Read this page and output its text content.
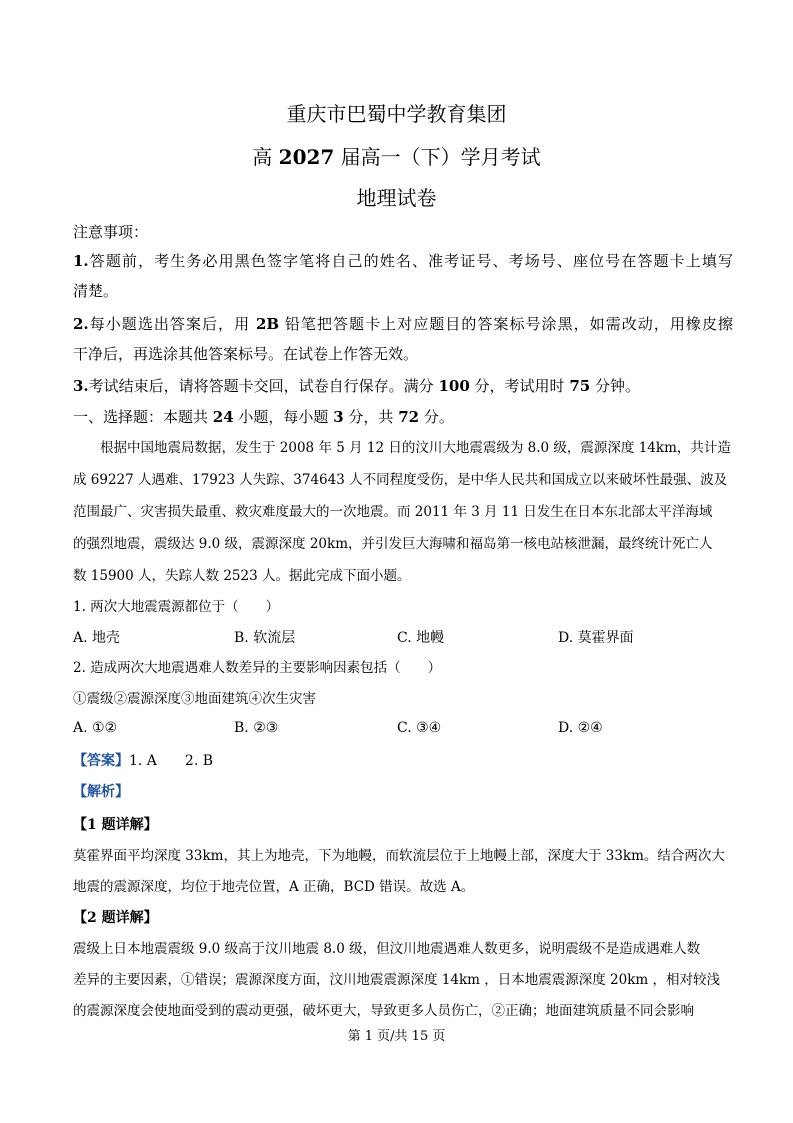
重庆市巴蜀中学教育集团
高 2027 届高一（下）学月考试
地理试卷
注意事项：
1.答题前，考生务必用黑色签字笔将自己的姓名、准考证号、考场号、座位号在答题卡上填写
清楚。
2.每小题选出答案后，用 2B 铅笔把答题卡上对应题目的答案标号涂黑，如需改动，用橡皮擦
干净后，再选涂其他答案标号。在试卷上作答无效。
3.考试结束后，请将答题卡交回，试卷自行保存。满分 100 分，考试用时 75 分钟。
一、选择题：本题共 24 小题，每小题 3 分，共 72 分。
根据中国地震局数据，发生于 2008 年 5 月 12 日的汶川大地震震级为 8.0 级，震源深度 14km，共计造
成 69227 人遇难、17923 人失踪、374643 人不同程度受伤，是中华人民共和国成立以来破坏性最强、波及
范围最广、灾害损失最重、救灾难度最大的一次地震。而 2011 年 3 月 11 日发生在日本东北部太平洋海域
的强烈地震，震级达 9.0 级，震源深度 20km，并引发巨大海啸和福岛第一核电站核泄漏，最终统计死亡人
数 15900 人，失踪人数 2523 人。据此完成下面小题。
1. 两次大地震震源都位于（　　）
A. 地壳	B. 软流层	C. 地幔	D. 莫霍界面
2. 造成两次大地震遇难人数差异的主要影响因素包括（　　）
①震级②震源深度③地面建筑④次生灾害
A. ①②	B. ②③	C. ③④	D. ②④
【答案】1. A　　2. B
【解析】
【1 题详解】
莫霍界面平均深度 33km，其上为地壳，下为地幔，而软流层位于上地幔上部，深度大于 33km。结合两次大
地震的震源深度，均位于地壳位置，A 正确，BCD 错误。故选 A。
【2 题详解】
震级上日本地震震级 9.0 级高于汶川地震 8.0 级，但汶川地震遇难人数更多，说明震级不是造成遇难人数
差异的主要因素，①错误；震源深度方面，汶川地震震源深度 14km ，日本地震震源深度 20km ，相对较浅
的震源深度会使地面受到的震动更强，破坏更大，导致更多人员伤亡，②正确；地面建筑质量不同会影响
第 1 页/共 15 页
